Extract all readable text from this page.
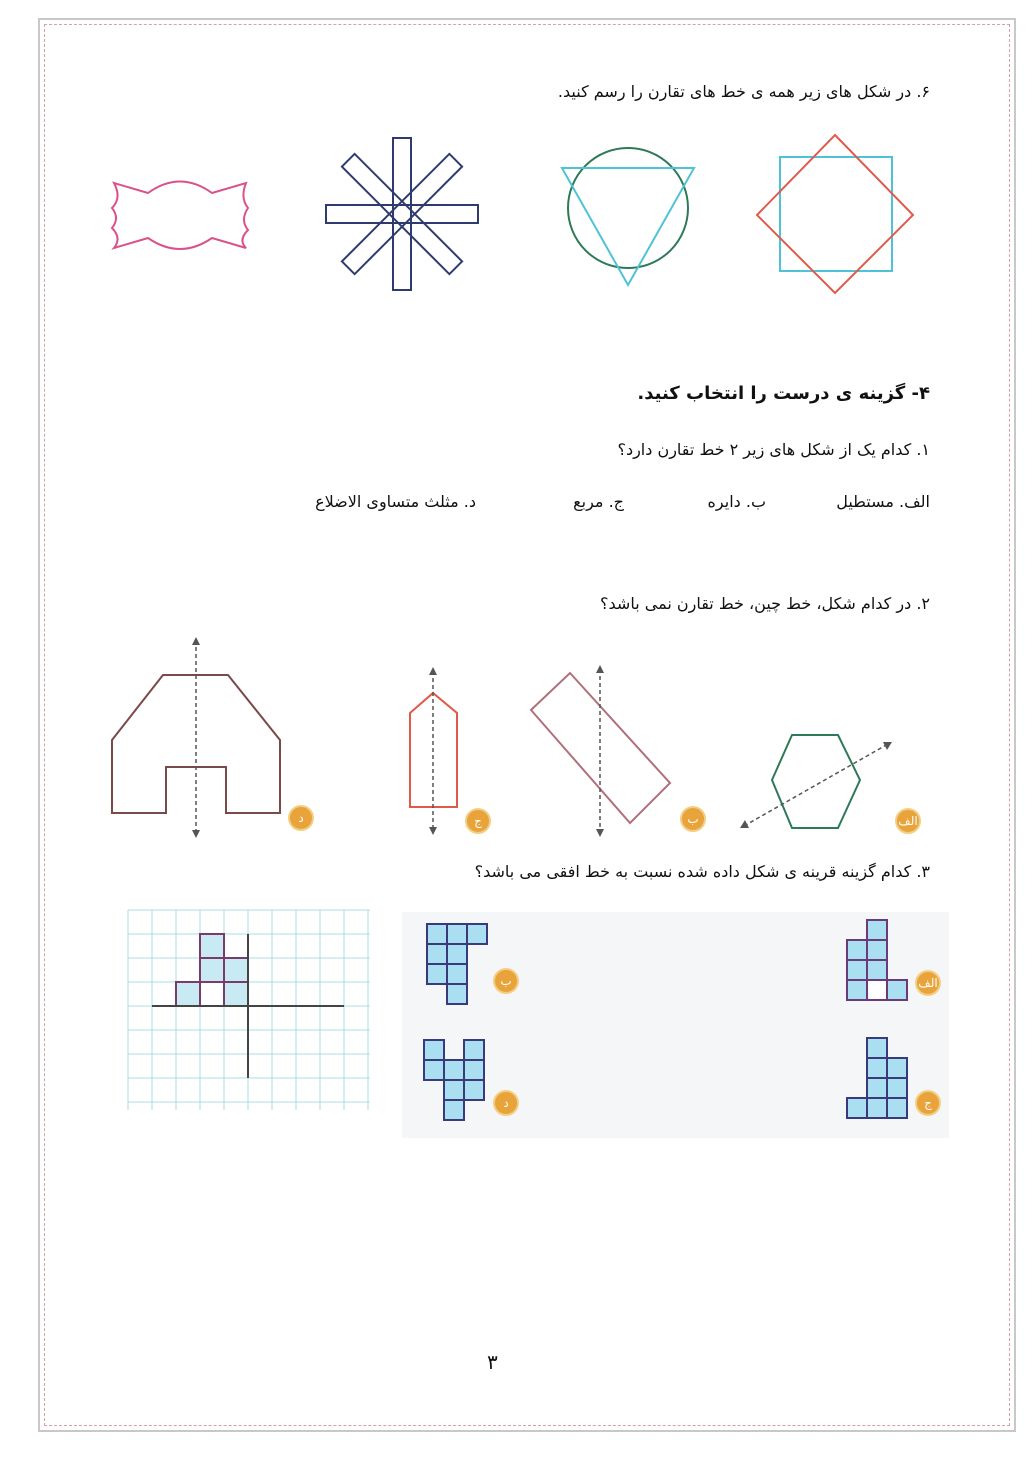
۶. در شکل های زیر همه ی خط های تقارن را رسم کنید.
۴- گزینه ی درست را انتخاب کنید.
۱. کدام یک از شکل های زیر ۲ خط تقارن دارد؟
الف. مستطیل
ب. دایره
ج. مربع
د. مثلث متساوی الاضلاع
۲. در کدام شکل، خط چین، خط تقارن نمی باشد؟
د	ج	ب	الف
۳. کدام گزینه قرینه ی شکل داده شده نسبت به خط افقی می باشد؟
ب
د
الف
ج
۳
